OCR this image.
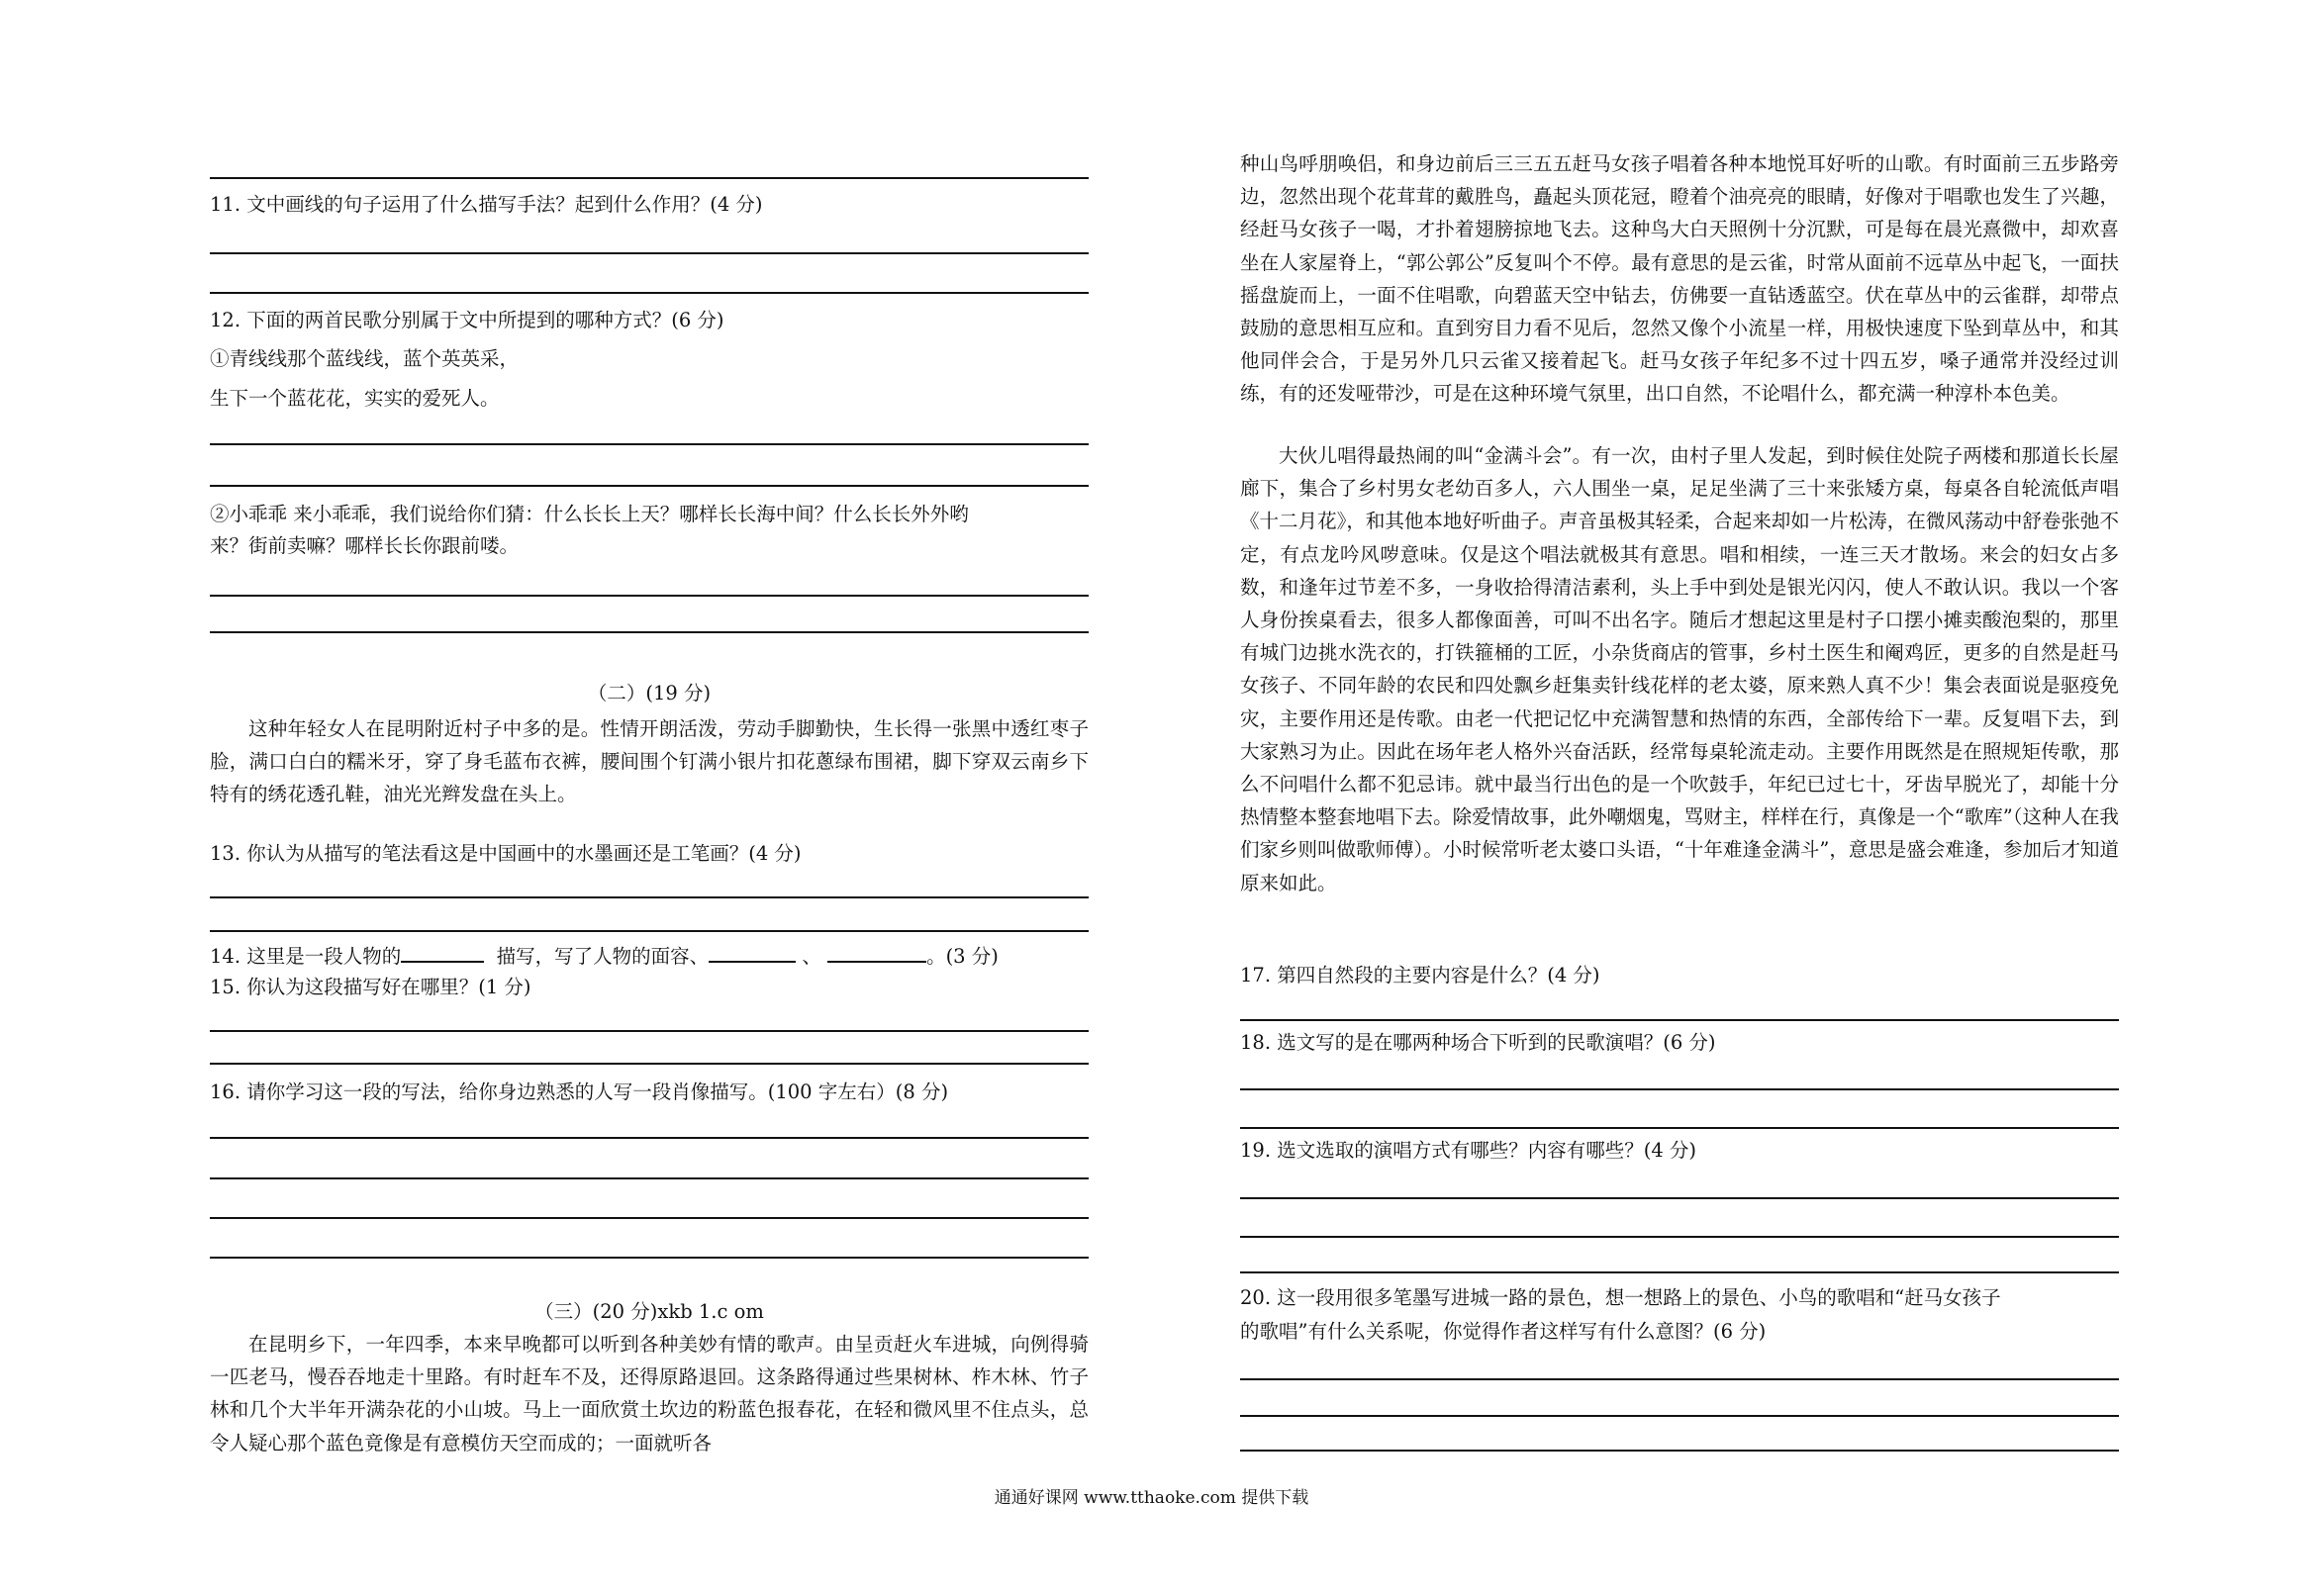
11. 文中画线的句子运用了什么描写手法？起到什么作用？(4 分)
12. 下面的两首民歌分别属于文中所提到的哪种方式？(6 分)
①青线线那个蓝线线，蓝个英英采，
生下一个蓝花花，实实的爱死人。
②小乖乖 来小乖乖，我们说给你们猜：什么长长上天？哪样长长海中间？什么长长外外哟
来？街前卖嘛？哪样长长你跟前喽。
（二）(19 分)
这种年轻女人在昆明附近村子中多的是。性情开朗活泼，劳动手脚勤快，生长得一张黑中透红枣子脸，满口白白的糯米牙，穿了身毛蓝布衣裤，腰间围个钉满小银片扣花蔥绿布围裙，脚下穿双云南乡下特有的绣花透孔鞋，油光光辫发盘在头上。
13. 你认为从描写的笔法看这是中国画中的水墨画还是工笔画？(4 分)
14. 这里是一段人物的	描写，写了人物的面容、	、	。(3 分)
15. 你认为这段描写好在哪里？(1 分)
16. 请你学习这一段的写法，给你身边熟悉的人写一段肖像描写。(100 字左右）(8 分)
（三）(20 分)xkb 1.c om
在昆明乡下，一年四季，本来早晚都可以听到各种美妙有情的歌声。由呈贡赶火车进城，向例得骑一匹老马，慢吞吞地走十里路。有时赶车不及，还得原路退回。这条路得通过些果树林、柞木林、竹子林和几个大半年开满杂花的小山坡。马上一面欣赏土坎边的粉蓝色报春花，在轻和微风里不住点头，总令人疑心那个蓝色竟像是有意模仿天空而成的；一面就听各
种山鸟呼朋唤侣，和身边前后三三五五赶马女孩子唱着各种本地悦耳好听的山歌。有时面前三五步路旁边，忽然出现个花茸茸的戴胜鸟，矗起头顶花冠，瞪着个油亮亮的眼睛，好像对于唱歌也发生了兴趣，经赶马女孩子一喝，才扑着翅膀掠地飞去。这种鸟大白天照例十分沉默，可是每在晨光熹微中，却欢喜坐在人家屋脊上，“郭公郭公”反复叫个不停。最有意思的是云雀，时常从面前不远草丛中起飞，一面扶摇盘旋而上，一面不住唱歌，向碧蓝天空中钻去，仿佛要一直钻透蓝空。伏在草丛中的云雀群，却带点鼓励的意思相互应和。直到穷目力看不见后，忽然又像个小流星一样，用极快速度下坠到草丛中，和其他同伴会合，于是另外几只云雀又接着起飞。赶马女孩子年纪多不过十四五岁，嗓子通常并没经过训练，有的还发哑带沙，可是在这种环境气氛里，出口自然，不论唱什么，都充满一种淳朴本色美。
大伙儿唱得最热闹的叫“金满斗会”。有一次，由村子里人发起，到时候住处院子两楼和那道长长屋廊下，集合了乡村男女老幼百多人，六人围坐一桌，足足坐满了三十来张矮方桌，每桌各自轮流低声唱《十二月花》，和其他本地好听曲子。声音虽极其轻柔，合起来却如一片松涛，在微风荡动中舒卷张弛不定，有点龙吟风哕意味。仅是这个唱法就极其有意思。唱和相续，一连三天才散场。来会的妇女占多数，和逢年过节差不多，一身收拾得清洁素利，头上手中到处是银光闪闪，使人不敢认识。我以一个客人身份挨桌看去，很多人都像面善，可叫不出名字。随后才想起这里是村子口摆小摊卖酸泡梨的，那里有城门边挑水洗衣的，打铁箍桶的工匠，小杂货商店的管事，乡村土医生和阉鸡匠，更多的自然是赶马女孩子、不同年龄的农民和四处飘乡赶集卖针线花样的老太婆，原来熟人真不少！集会表面说是驱疫免灾，主要作用还是传歌。由老一代把记忆中充满智慧和热情的东西，全部传给下一辈。反复唱下去，到大家熟习为止。因此在场年老人格外兴奋活跃，经常每桌轮流走动。主要作用既然是在照规矩传歌，那么不问唱什么都不犯忌讳。就中最当行出色的是一个吹鼓手，年纪已过七十，牙齿早脱光了，却能十分热情整本整套地唱下去。除爱情故事，此外嘲烟鬼，骂财主，样样在行，真像是一个“歌库”（这种人在我们家乡则叫做歌师傅）。小时候常听老太婆口头语，“十年难逢金满斗”，意思是盛会难逢，参加后才知道原来如此。
17. 第四自然段的主要内容是什么？(4 分)
18. 选文写的是在哪两种场合下听到的民歌演唱？(6 分)
19. 选文选取的演唱方式有哪些？内容有哪些？(4 分)
20. 这一段用很多笔墨写进城一路的景色，想一想路上的景色、小鸟的歌唱和“赶马女孩子
的歌唱”有什么关系呢，你觉得作者这样写有什么意图？(6 分)
通通好课网 www.tthaoke.com 提供下载
